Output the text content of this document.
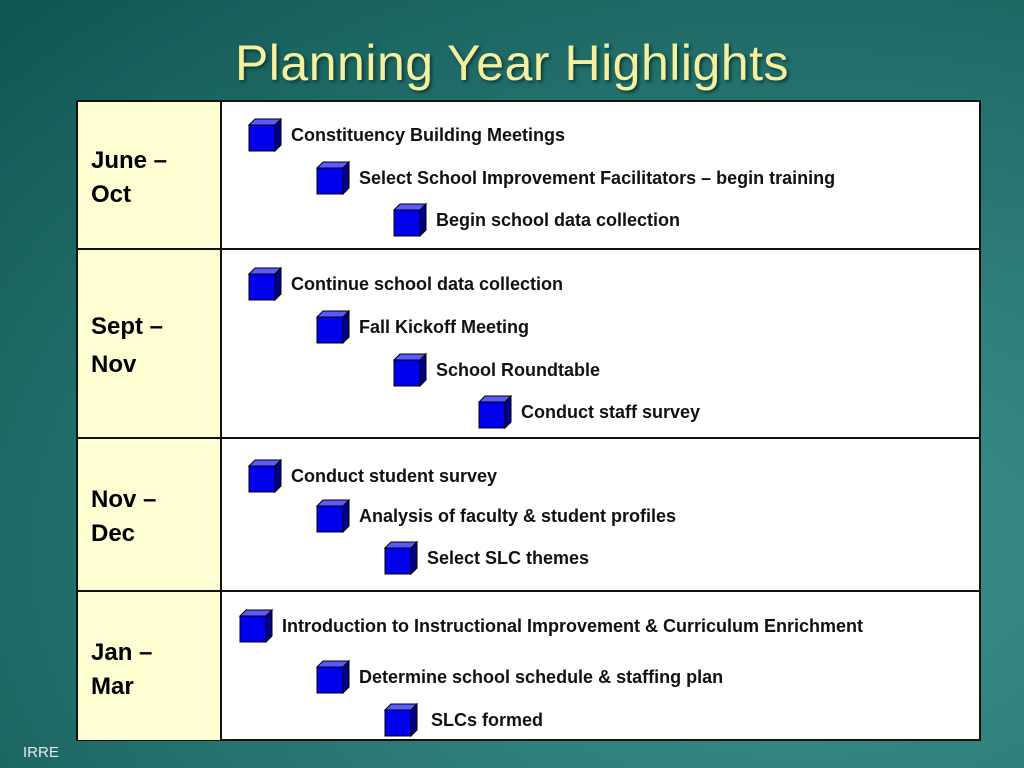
Planning Year Highlights
June –
Oct
Constituency Building Meetings
Select School Improvement Facilitators – begin training
Begin school data collection
Sept –
Nov
Continue school data collection
Fall Kickoff Meeting
School Roundtable
Conduct staff survey
Nov –
Dec
Conduct student survey
Analysis of faculty & student profiles
Select SLC themes
Jan –
Mar
Introduction to Instructional Improvement & Curriculum Enrichment
Determine school schedule & staffing plan
SLCs formed
IRRE
